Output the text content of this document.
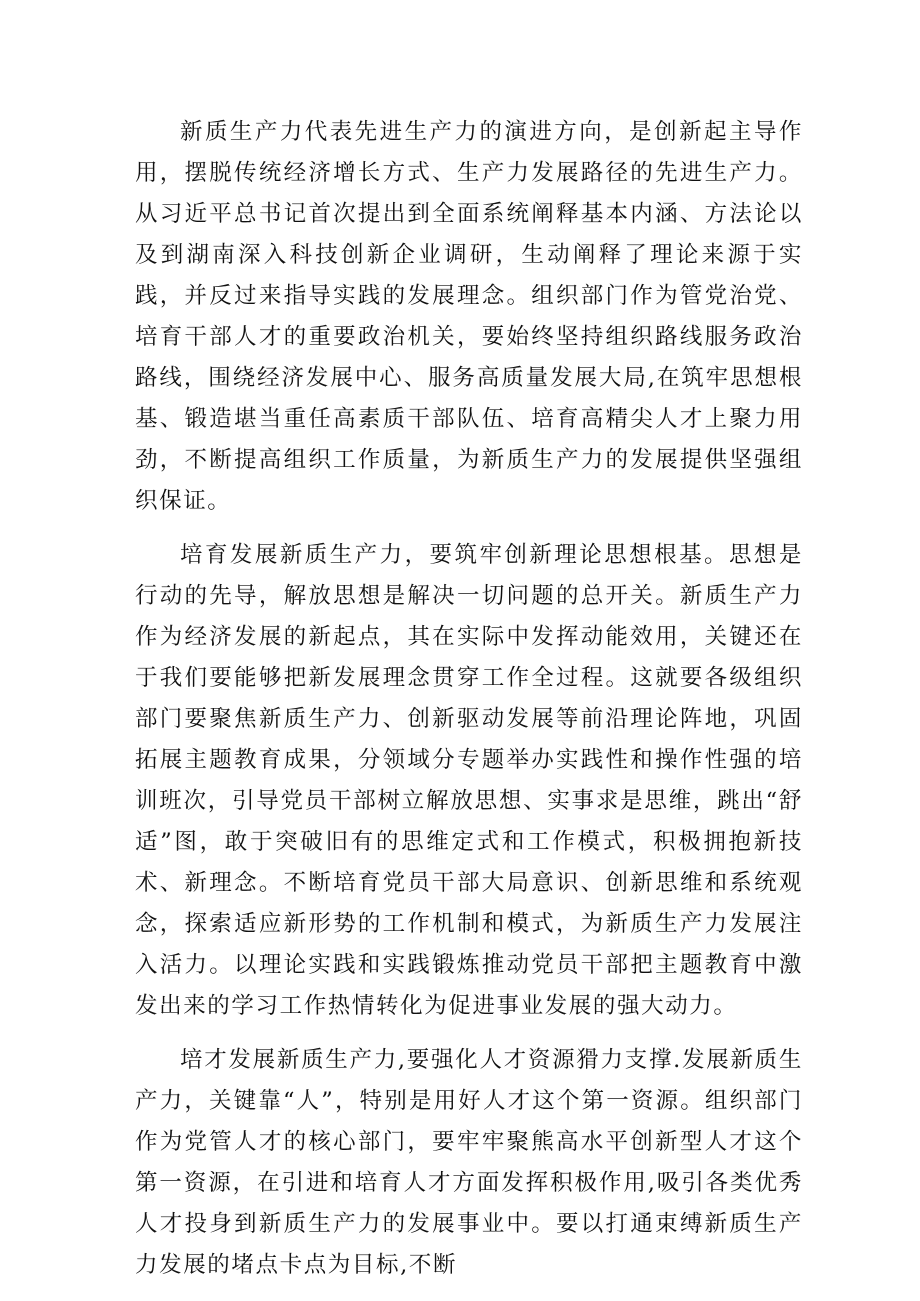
新质生产力代表先进生产力的演进方向，是创新起主导作用，摆脱传统经济增长方式、生产力发展路径的先进生产力。从习近平总书记首次提出到全面系统阐释基本内涵、方法论以及到湖南深入科技创新企业调研，生动阐释了理论来源于实践，并反过来指导实践的发展理念。组织部门作为管党治党、培育干部人才的重要政治机关，要始终坚持组织路线服务政治路线，围绕经济发展中心、服务高质量发展大局,在筑牢思想根基、锻造堪当重任高素质干部队伍、培育高精尖人才上聚力用劲，不断提高组织工作质量，为新质生产力的发展提供坚强组织保证。

培育发展新质生产力，要筑牢创新理论思想根基。思想是行动的先导，解放思想是解决一切问题的总开关。新质生产力作为经济发展的新起点，其在实际中发挥动能效用，关键还在于我们要能够把新发展理念贯穿工作全过程。这就要各级组织部门要聚焦新质生产力、创新驱动发展等前沿理论阵地，巩固拓展主题教育成果，分领域分专题举办实践性和操作性强的培训班次，引导党员干部树立解放思想、实事求是思维，跳出“舒适”图，敢于突破旧有的思维定式和工作模式，积极拥抱新技术、新理念。不断培育党员干部大局意识、创新思维和系统观念，探索适应新形势的工作机制和模式，为新质生产力发展注入活力。以理论实践和实践锻炼推动党员干部把主题教育中激发出来的学习工作热情转化为促进事业发展的强大动力。

培才发展新质生产力,要强化人才资源猾力支撑.发展新质生产力，关键靠“人”，特别是用好人才这个第一资源。组织部门作为党管人才的核心部门，要牢牢聚熊高水平创新型人才这个第一资源，在引进和培育人才方面发挥积极作用,吸引各类优秀人才投身到新质生产力的发展事业中。要以打通束缚新质生产力发展的堵点卡点为目标,不断
